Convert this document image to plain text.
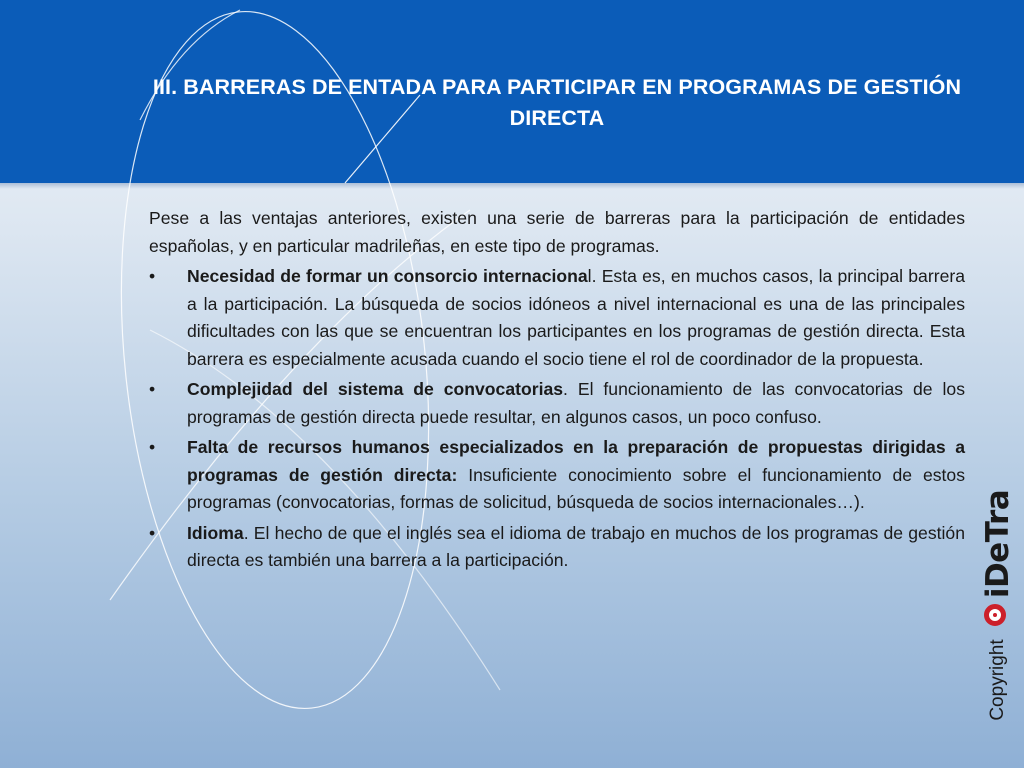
III. BARRERAS DE ENTADA PARA PARTICIPAR EN PROGRAMAS DE GESTIÓN DIRECTA

Pese a las ventajas anteriores, existen una serie de barreras para la participación de entidades españolas, y en particular madrileñas, en este tipo de programas.

• Necesidad de formar un consorcio internacional. Esta es, en muchos casos, la principal barrera a la participación. La búsqueda de socios idóneos a nivel internacional es una de las principales dificultades con las que se encuentran los participantes en los programas de gestión directa. Esta barrera es especialmente acusada cuando el socio tiene el rol de coordinador de la propuesta.
• Complejidad del sistema de convocatorias. El funcionamiento de las convocatorias de los programas de gestión directa puede resultar, en algunos casos, un poco confuso.
• Falta de recursos humanos especializados en la preparación de propuestas dirigidas a programas de gestión directa: Insuficiente conocimiento sobre el funcionamiento de estos programas (convocatorias, formas de solicitud, búsqueda de socios internacionales…).
• Idioma. El hecho de que el inglés sea el idioma de trabajo en muchos de los programas de gestión directa es también una barrera a la participación.	iDeTra
Copyright
